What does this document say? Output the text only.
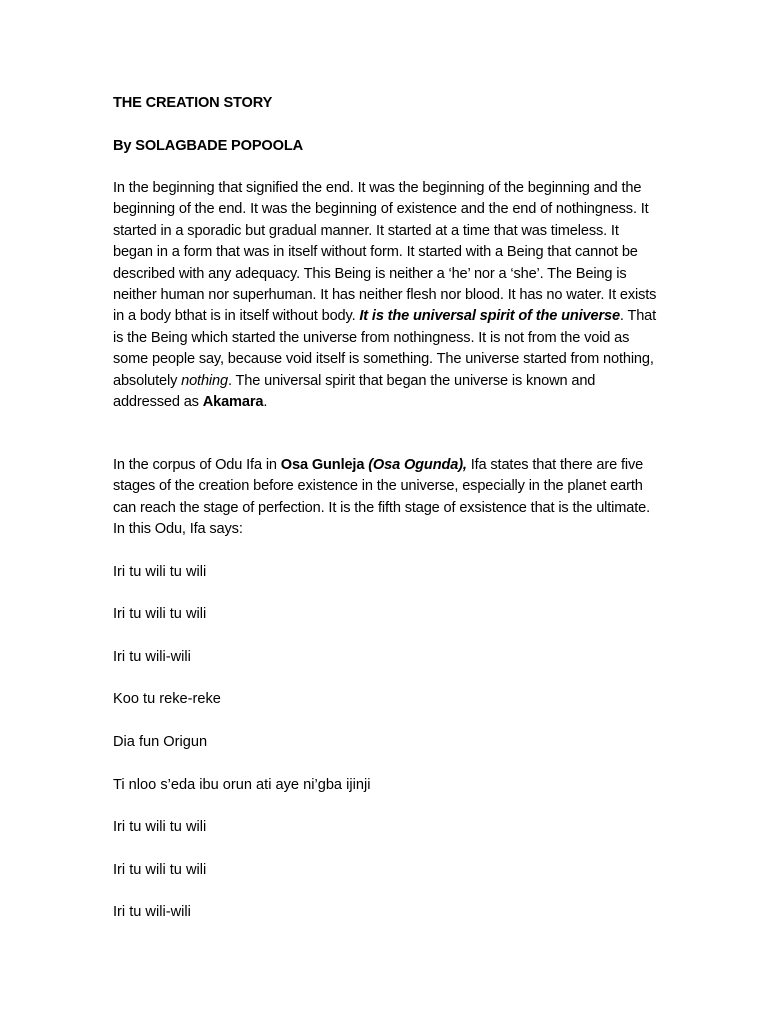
THE CREATION STORY

By SOLAGBADE POPOOLA

In the beginning that signified the end. It was the beginning of the beginning and the beginning of the end. It was the beginning of existence and the end of nothingness. It started in a sporadic but gradual manner. It started at a time that was timeless. It began in a form that was in itself without form. It started with a Being that cannot be described with any adequacy. This Being is neither a ‘he’ nor a ‘she’. The Being is neither human nor superhuman. It has neither flesh nor blood. It has no water. It exists in a body bthat is in itself without body. It is the universal spirit of the universe. That is the Being which started the universe from nothingness. It is not from the void as some people say, because void itself is something. The universe started from nothing, absolutely nothing. The universal spirit that began the universe is known and addressed as Akamara.

In the corpus of Odu Ifa in Osa Gunleja (Osa Ogunda), Ifa states that there are five stages of the creation before existence in the universe, especially in the planet earth can reach the stage of perfection. It is the fifth stage of exsistence that is the ultimate. In this Odu, Ifa says:

Iri tu wili tu wili

Iri tu wili tu wili

Iri tu wili-wili

Koo tu reke-reke

Dia fun Origun

Ti nloo s’eda ibu orun ati aye ni’gba ijinji

Iri tu wili tu wili

Iri tu wili tu wili

Iri tu wili-wili
